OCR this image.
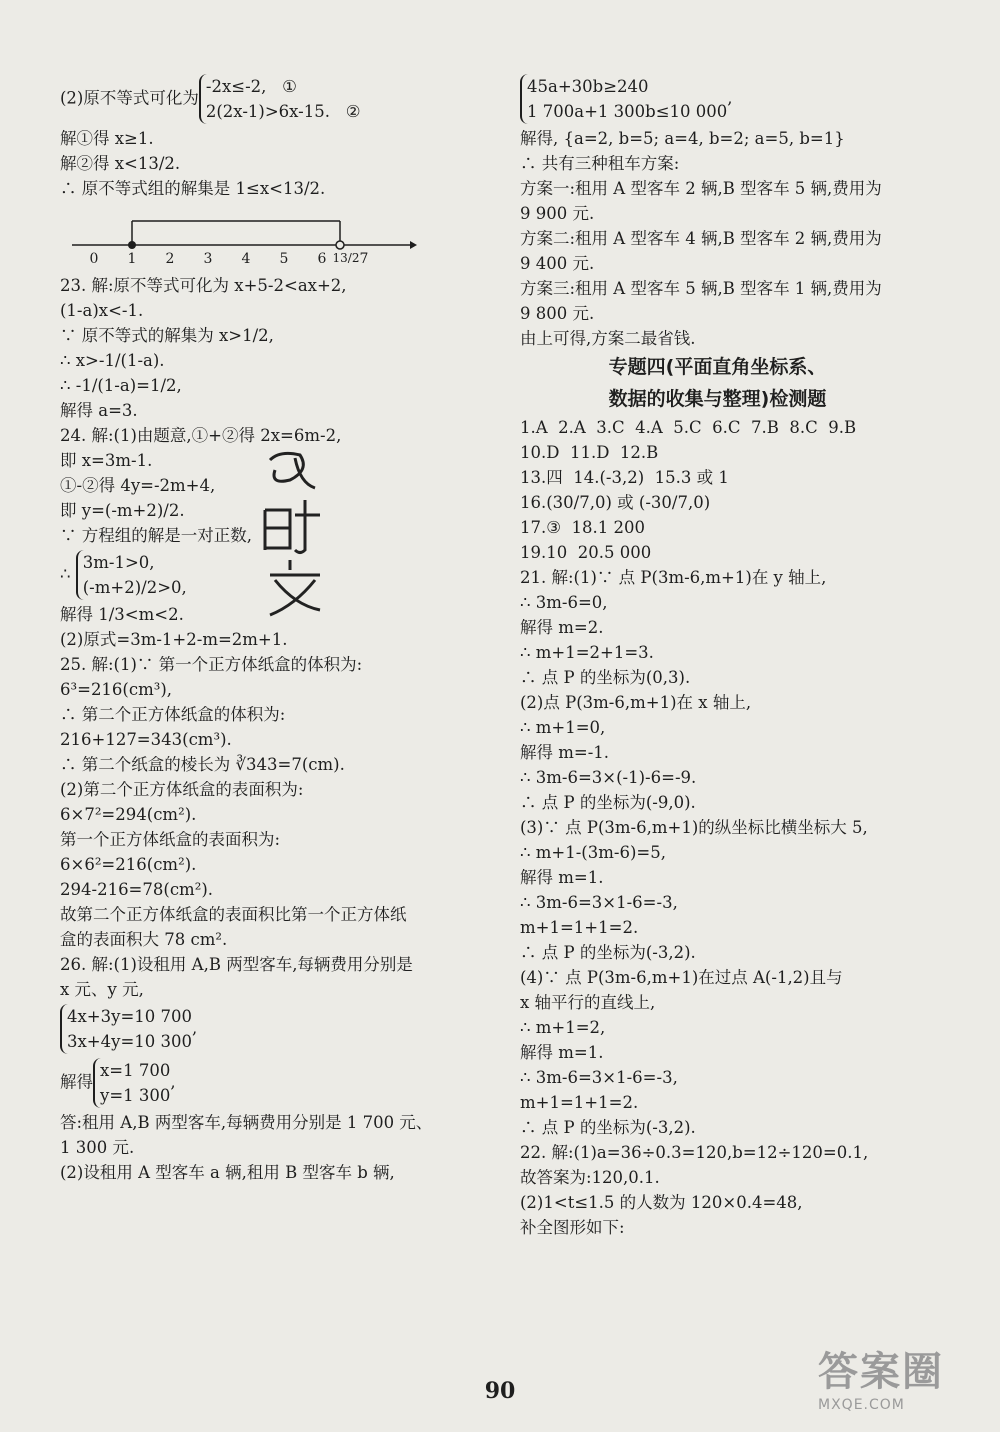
(2)原不等式可化为
-2x≤-2,   ①
2(2x-1)>6x-15.   ②
解①得 x≥1.
解②得 x<13/2.
∴ 原不等式组的解集是 1≤x<13/2.
0	1	2	3	4	5	6 13/2 7
23. 解:原不等式可化为 x+5-2<ax+2,
(1-a)x<-1.
∵ 原不等式的解集为 x>1/2,
∴ x>-1/(1-a).
∴ -1/(1-a)=1/2,
解得 a=3.
24. 解:(1)由题意,①+②得 2x=6m-2,
即 x=3m-1.
①-②得 4y=-2m+4,
即 y=(-m+2)/2.
∵ 方程组的解是一对正数,
∴
3m-1>0,
(-m+2)/2>0,
解得 1/3<m<2.
(2)原式=3m-1+2-m=2m+1.
25. 解:(1)∵ 第一个正方体纸盒的体积为:
6³=216(cm³),
∴ 第二个正方体纸盒的体积为:
216+127=343(cm³).
∴ 第二个纸盒的棱长为 ∛343=7(cm).
(2)第二个正方体纸盒的表面积为:
6×7²=294(cm²).
第一个正方体纸盒的表面积为:
6×6²=216(cm²).
294-216=78(cm²).
故第二个正方体纸盒的表面积比第一个正方体纸
盒的表面积大 78 cm².
26. 解:(1)设租用 A,B 两型客车,每辆费用分别是
x 元、y 元,
4x+3y=10 700
3x+4y=10 300
,
解得
x=1 700
y=1 300
,
答:租用 A,B 两型客车,每辆费用分别是 1 700 元、
1 300 元.
(2)设租用 A 型客车 a 辆,租用 B 型客车 b 辆,
45a+30b≥240
1 700a+1 300b≤10 000
,
解得, {a=2, b=5; a=4, b=2; a=5, b=1}
∴ 共有三种租车方案:
方案一:租用 A 型客车 2 辆,B 型客车 5 辆,费用为
9 900 元.
方案二:租用 A 型客车 4 辆,B 型客车 2 辆,费用为
9 400 元.
方案三:租用 A 型客车 5 辆,B 型客车 1 辆,费用为
9 800 元.
由上可得,方案二最省钱.
专题四(平面直角坐标系、
数据的收集与整理)检测题
1.A  2.A  3.C  4.A  5.C  6.C  7.B  8.C  9.B
10.D  11.D  12.B
13.四  14.(-3,2)  15.3 或 1
16.(30/7,0) 或 (-30/7,0)
17.③  18.1 200
19.10  20.5 000
21. 解:(1)∵ 点 P(3m-6,m+1)在 y 轴上,
∴ 3m-6=0,
解得 m=2.
∴ m+1=2+1=3.
∴ 点 P 的坐标为(0,3).
(2)点 P(3m-6,m+1)在 x 轴上,
∴ m+1=0,
解得 m=-1.
∴ 3m-6=3×(-1)-6=-9.
∴ 点 P 的坐标为(-9,0).
(3)∵ 点 P(3m-6,m+1)的纵坐标比横坐标大 5,
∴ m+1-(3m-6)=5,
解得 m=1.
∴ 3m-6=3×1-6=-3,
m+1=1+1=2.
∴ 点 P 的坐标为(-3,2).
(4)∵ 点 P(3m-6,m+1)在过点 A(-1,2)且与
x 轴平行的直线上,
∴ m+1=2,
解得 m=1.
∴ 3m-6=3×1-6=-3,
m+1=1+1=2.
∴ 点 P 的坐标为(-3,2).
22. 解:(1)a=36÷0.3=120,b=12÷120=0.1,
故答案为:120,0.1.
(2)1<t≤1.5 的人数为 120×0.4=48,
补全图形如下:
90	答案圈
MXQE.COM
